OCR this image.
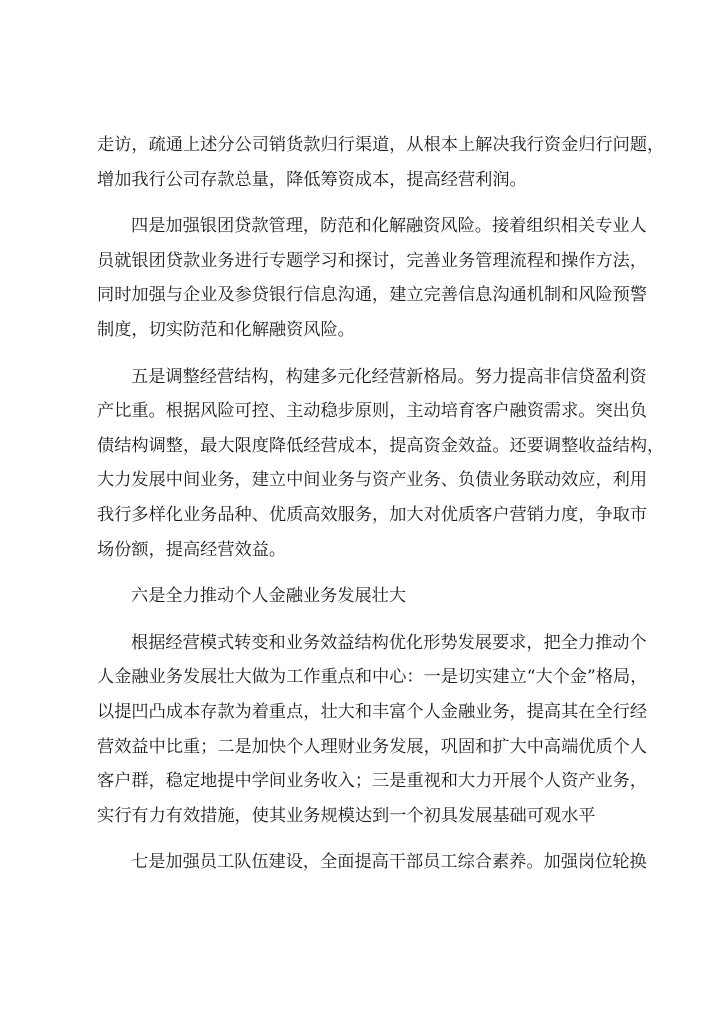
走访，疏通上述分公司销货款归行渠道，从根本上解决我行资金归行问题，
增加我行公司存款总量，降低筹资成本，提高经营利润。
四是加强银团贷款管理，防范和化解融资风险。接着组织相关专业人
员就银团贷款业务进行专题学习和探讨，完善业务管理流程和操作方法，
同时加强与企业及参贷银行信息沟通，建立完善信息沟通机制和风险预警
制度，切实防范和化解融资风险。
五是调整经营结构，构建多元化经营新格局。努力提高非信贷盈利资
产比重。根据风险可控、主动稳步原则，主动培育客户融资需求。突出负
债结构调整，最大限度降低经营成本，提高资金效益。还要调整收益结构，
大力发展中间业务，建立中间业务与资产业务、负债业务联动效应，利用
我行多样化业务品种、优质高效服务，加大对优质客户营销力度，争取市
场份额，提高经营效益。
六是全力推动个人金融业务发展壮大
根据经营模式转变和业务效益结构优化形势发展要求，把全力推动个
人金融业务发展壮大做为工作重点和中心：一是切实建立“大个金”格局，
以提凹凸成本存款为着重点，壮大和丰富个人金融业务，提高其在全行经
营效益中比重；二是加快个人理财业务发展，巩固和扩大中高端优质个人
客户群，稳定地提中学间业务收入；三是重视和大力开展个人资产业务，
实行有力有效措施，使其业务规模达到一个初具发展基础可观水平
七是加强员工队伍建设，全面提高干部员工综合素养。加强岗位轮换
